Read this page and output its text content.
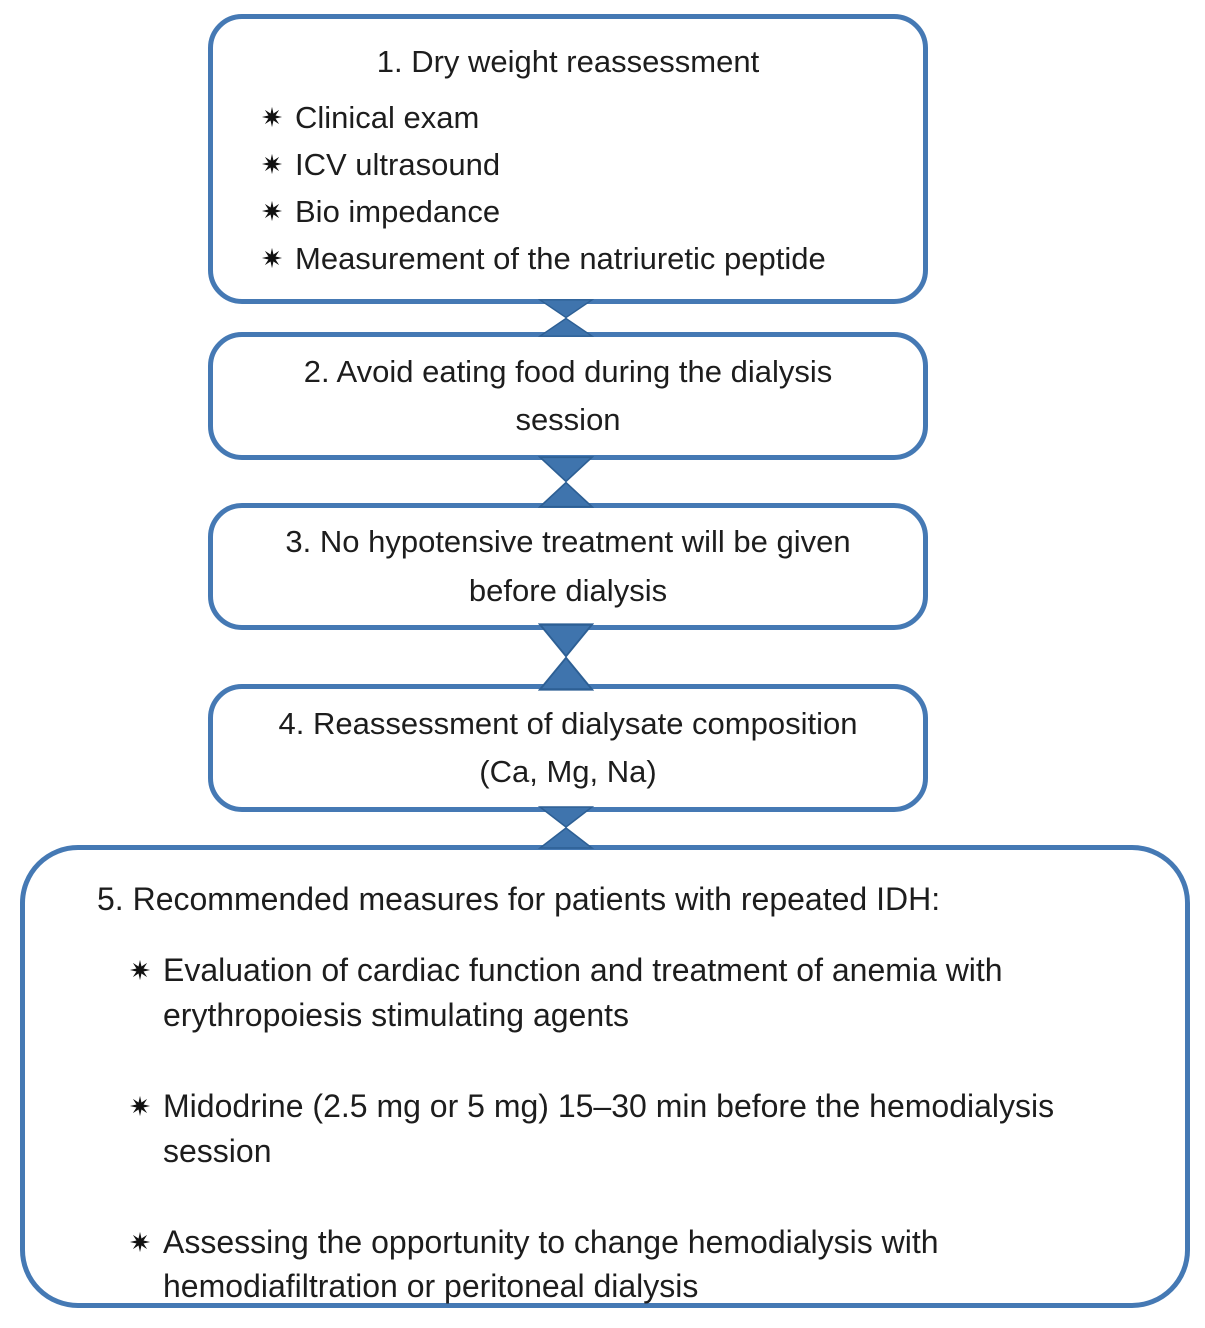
1. Dry weight reassessment
Clinical exam
ICV ultrasound
Bio impedance
Measurement of the natriuretic peptide
2. Avoid eating food during the dialysis session
3. No hypotensive treatment will be given before dialysis
4. Reassessment of dialysate composition (Ca, Mg, Na)
5. Recommended measures for patients with repeated IDH:
Evaluation of cardiac function and treatment of anemia with erythropoiesis stimulating agents
Midodrine (2.5 mg or 5 mg) 15–30 min before the hemodialysis session
Assessing the opportunity to change hemodialysis with hemodiafiltration or peritoneal dialysis
